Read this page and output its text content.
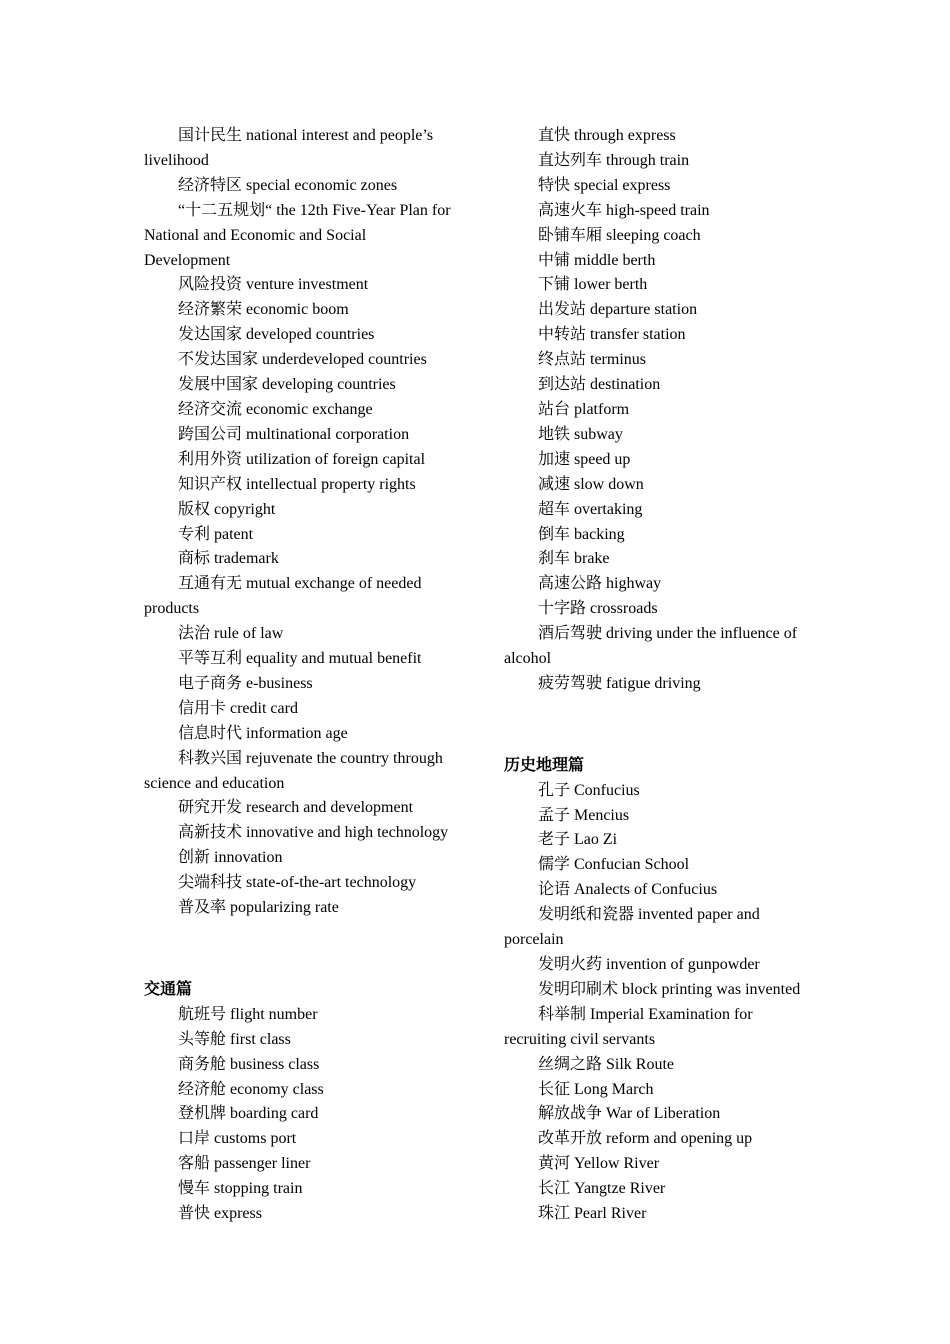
国计民生 national interest and people’s livelihood

经济特区 special economic zones

“十二五规划“ the 12th Five-Year Plan for National and Economic and Social Development

风险投资 venture investment

经济繁荣 economic boom

发达国家 developed countries

不发达国家 underdeveloped countries

发展中国家 developing countries

经济交流 economic exchange

跨国公司 multinational corporation

利用外资 utilization of foreign capital

知识产权 intellectual property rights

版权 copyright

专利 patent

商标 trademark

互通有无 mutual exchange of needed products

法治 rule of law

平等互利 equality and mutual benefit

电子商务 e-business

信用卡 credit card

信息时代 information age

科教兴国 rejuvenate the country through science and education

研究开发 research and development

高新技术 innovative and high technology

创新 innovation

尖端科技 state-of-the-art technology

普及率 popularizing rate

交通篇

航班号 flight number

头等舱 first class

商务舱 business class

经济舱 economy class

登机牌 boarding card

口岸 customs port

客船 passenger liner

慢车 stopping train

普快 express

直快 through express

直达列车 through train

特快 special express

高速火车 high-speed train

卧铺车厢 sleeping coach

中铺 middle berth

下铺 lower berth

出发站 departure station

中转站 transfer station

终点站 terminus

到达站 destination

站台 platform

地铁 subway

加速 speed up

减速 slow down

超车 overtaking

倒车 backing

刹车 brake

高速公路 highway

十字路 crossroads

酒后驾驶 driving under the influence of alcohol

疲劳驾驶 fatigue driving

历史地理篇

孔子 Confucius

孟子 Mencius

老子 Lao Zi

儒学 Confucian School

论语 Analects of Confucius

发明纸和瓷器 invented paper and porcelain

发明火药 invention of gunpowder

发明印刷术 block printing was invented

科举制 Imperial Examination for recruiting civil servants

丝绸之路 Silk Route

长征 Long March

解放战争 War of Liberation

改革开放 reform and opening up

黄河 Yellow River

长江 Yangtze River

珠江 Pearl River
